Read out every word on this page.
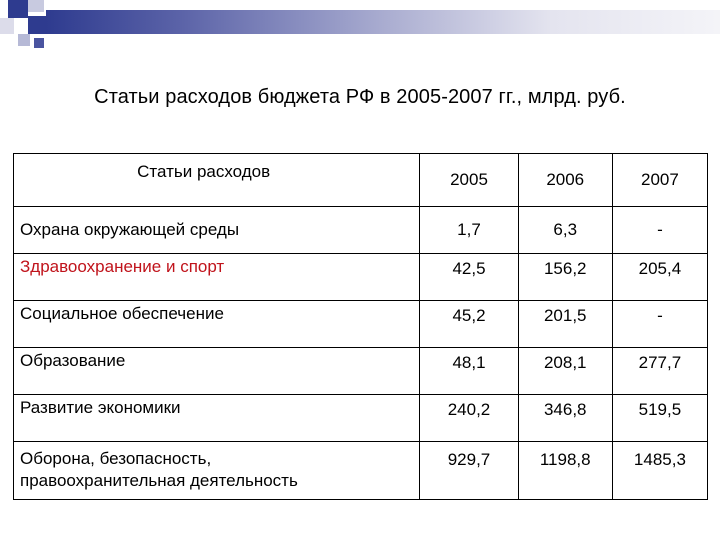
Статьи расходов бюджета РФ в 2005-2007 гг., млрд. руб.
Статьи расходов	2005	2006	2007
Охрана окружающей среды	1,7	6,3	-
Здравоохранение и спорт	42,5	156,2	205,4
Социальное обеспечение	45,2	201,5	-
Образование	48,1	208,1	277,7
Развитие экономики	240,2	346,8	519,5

Оборона, безопасность,
правоохранительная деятельность	929,7	1198,8	1485,3
